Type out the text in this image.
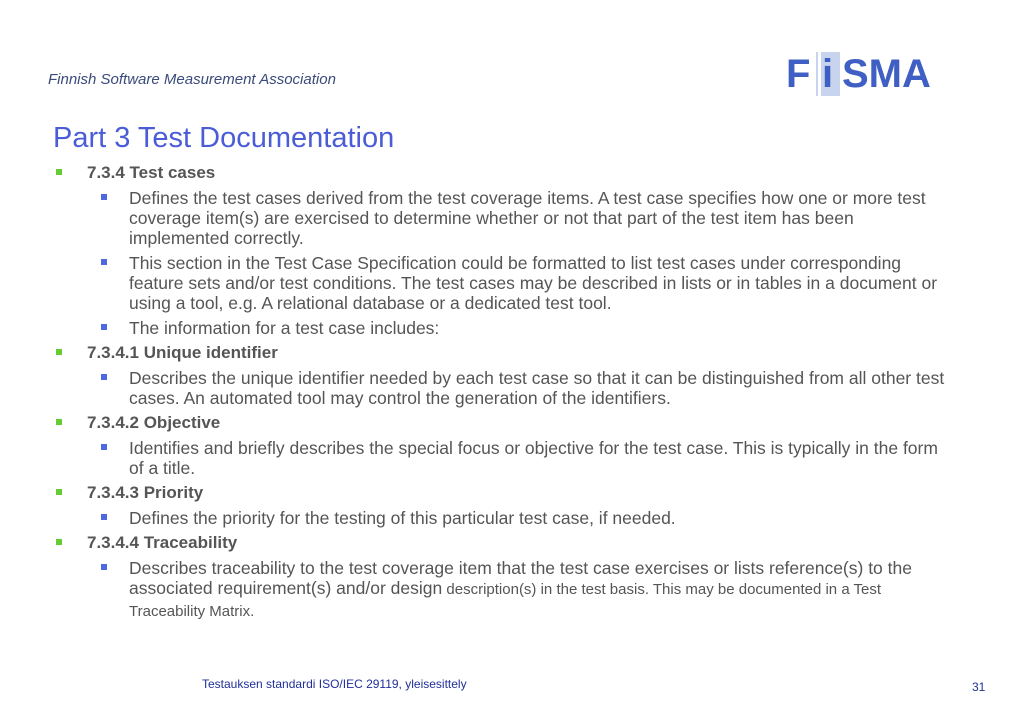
Finnish Software Measurement Association	F i SMA
Part 3 Test Documentation
7.3.4 Test cases
Defines the test cases derived from the test coverage items. A test case specifies how one or more test coverage item(s) are exercised to determine whether or not that part of the test item has been implemented correctly.
This section in the Test Case Specification could be formatted to list test cases under corresponding feature sets and/or test conditions. The test cases may be described in lists or in tables in a document or using a tool, e.g. A relational database or a dedicated test tool.
The information for a test case includes:
7.3.4.1 Unique identifier
Describes the unique identifier needed by each test case so that it can be distinguished from all other test cases. An automated tool may control the generation of the identifiers.
7.3.4.2 Objective
Identifies and briefly describes the special focus or objective for the test case. This is typically in the form of a title.
7.3.4.3 Priority
Defines the priority for the testing of this particular test case, if needed.
7.3.4.4 Traceability
Describes traceability to the test coverage item that the test case exercises or lists reference(s) to the associated requirement(s) and/or design description(s) in the test basis. This may be documented in a Test Traceability Matrix.
Testauksen standardi ISO/IEC 29119, yleisesittely	31
